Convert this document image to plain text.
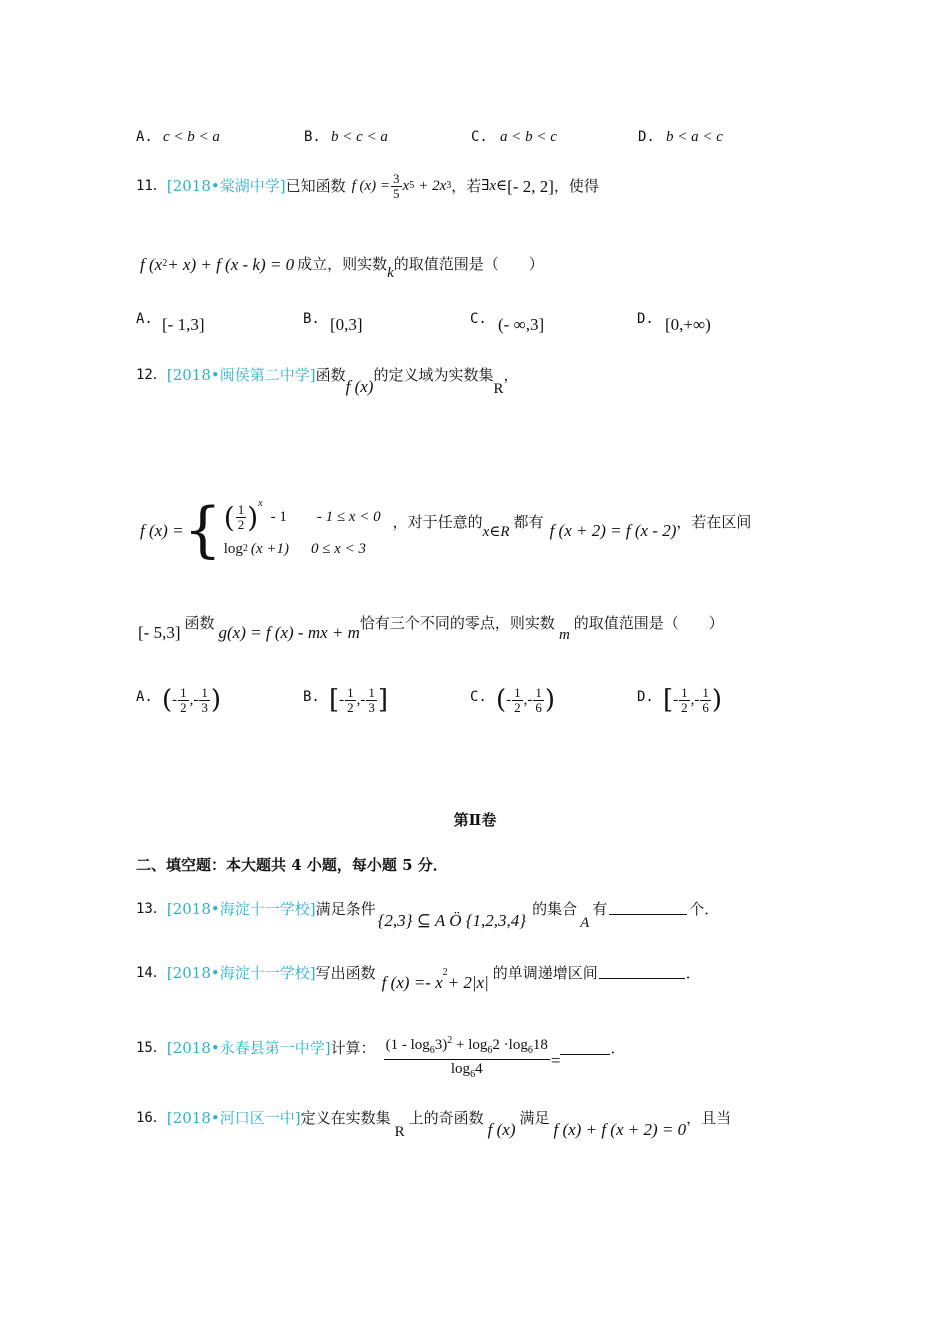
A. c < b < a	B. b < c < a	C. a < b < c	D. b < a < c
11． [2018•棠湖中学] 已知函数 f $(x) = \frac{3}{5}$ x 5 + 2x 3 ，若 ∃x∈ [- 2, 2] ，使得
f (x 2 + x) + f (x - k) = 0 成立，则实数 k 的取值范围是（　　）
A. [- 1,3]	B. [0,3]	C. (- ∞,3]	D. [0,+∞)
12． [2018•闽侯第二中学] 函数
f (x)
的定义域为实数集
R
，
f (x) = { ( $\frac{1}{2}$ ) x
- 1 - 1 ≤ x < 0
log 2 (x +1) 0 ≤ x < 3
，对于任意的
x∈R
都有 f (x + 2) = f (x - 2) ，若在区间
[- 5,3] 函数 g(x) = f (x) - mx + m 恰有三个不同的零点，则实数
m
的取值范围是（　　）
A. ( - $\frac{1}{2}$ , - $\frac{1}{3}$ )	B. [ - $\frac{1}{2}$ , - $\frac{1}{3}$ ]	C. ( - $\frac{1}{2}$ , - $\frac{1}{6}$ )	D. [ - $\frac{1}{2}$ , - $\frac{1}{6}$ )
第Ⅱ卷
二、填空题：本大题共 4 小题，每小题 5 分．
13． [2018•海淀十一学校] 满足条件
{2,3} ⊆ A Ö {1,2,3,4}
的集合
A
有	个．
14． [2018•海淀十一学校] 写出函数 f (x) =- x
2
+ 2|x| 的单调递增区间	．
15． [2018•永春县第一中学] 计算： $\frac{(1 - \log_63)^2 + \log_62 \cdot\log_618}{\log_64}$ =
．
16． [2018•河口区一中] 定义在实数集
R
上的奇函数
f (x)
满足
f (x) + f (x + 2) = 0
，且当
